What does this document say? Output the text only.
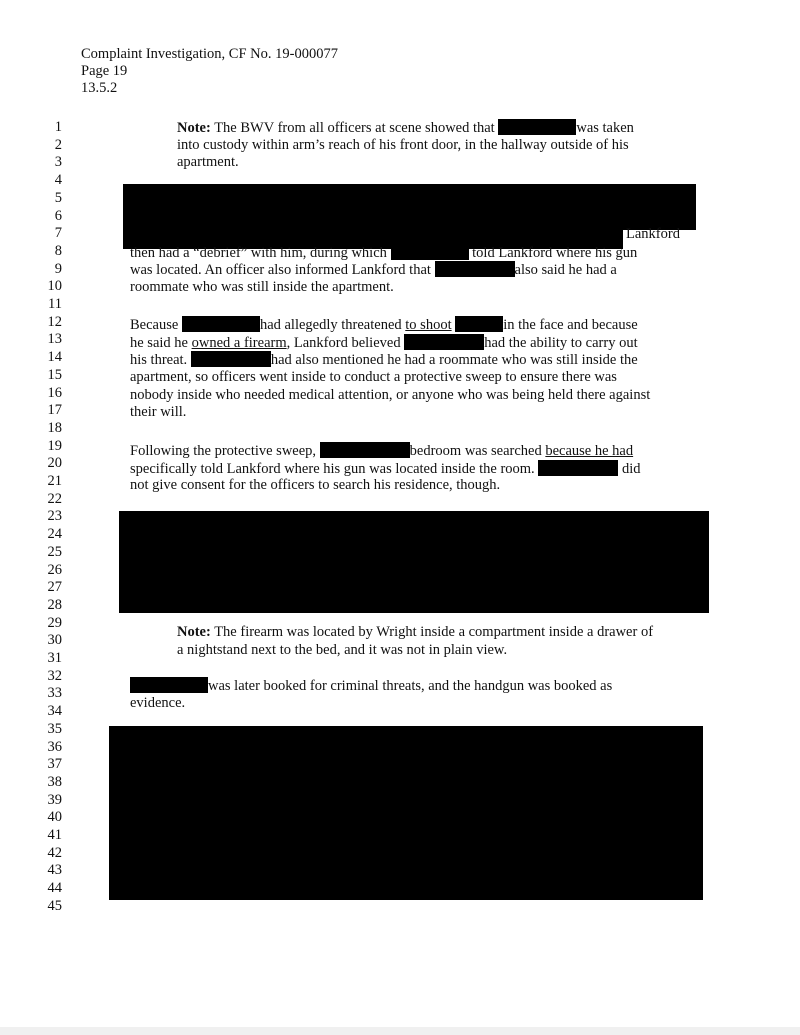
Complaint Investigation, CF No. 19-000077
Page 19
13.5.2
1
2
3
4
5
6
7
8
9
10
11
12
13
14
15
16
17
18
19
20
21
22
23
24
25
26
27
28
29
30
31
32
33
34
35
36
37
38
39
40
41
42
43
44
45
Note: The BWV from all officers at scene showed that	was taken
into custody within arm’s reach of his front door, in the hallway outside of his
apartment.
Lankford
then had a “debrief” with him, during which	told Lankford where his gun
was located. An officer also informed Lankford that	also said he had a
roommate who was still inside the apartment.
Because	had allegedly threatened to shoot	in the face and because
he said he owned a firearm, Lankford believed	had the ability to carry out
his threat.	had also mentioned he had a roommate who was still inside the
apartment, so officers went inside to conduct a protective sweep to ensure there was
nobody inside who needed medical attention, or anyone who was being held there against
their will.
Following the protective sweep,	bedroom was searched because he had
specifically told Lankford where his gun was located inside the room.	did
not give consent for the officers to search his residence, though.
Note: The firearm was located by Wright inside a compartment inside a drawer of
a nightstand next to the bed, and it was not in plain view.
was later booked for criminal threats, and the handgun was booked as
evidence.
